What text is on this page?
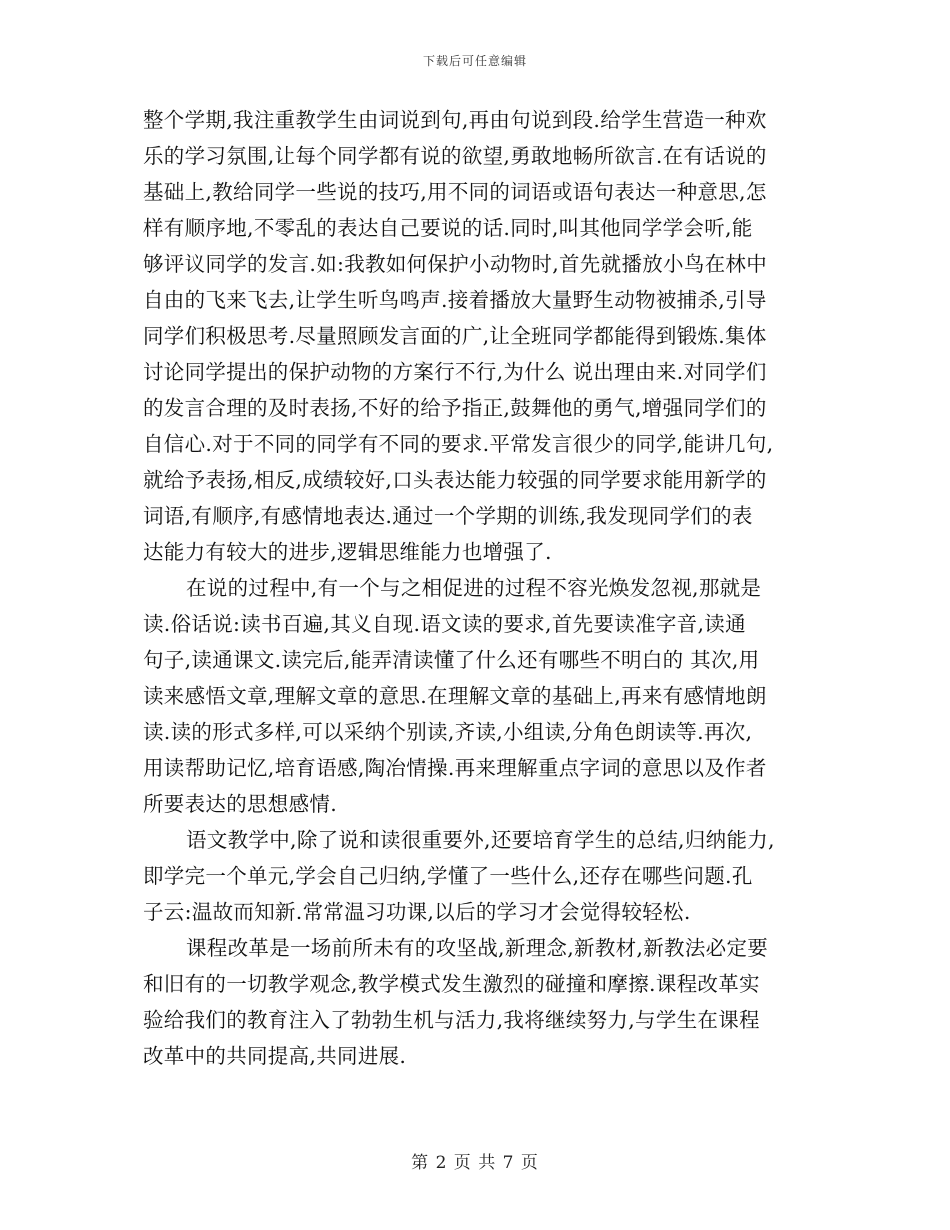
下载后可任意编辑
整个学期,我注重教学生由词说到句,再由句说到段.给学生营造一种欢
乐的学习氛围,让每个同学都有说的欲望,勇敢地畅所欲言.在有话说的
基础上,教给同学一些说的技巧,用不同的词语或语句表达一种意思,怎
样有顺序地,不零乱的表达自己要说的话.同时,叫其他同学学会听,能
够评议同学的发言.如:我教如何保护小动物时,首先就播放小鸟在林中
自由的飞来飞去,让学生听鸟鸣声.接着播放大量野生动物被捕杀,引导
同学们积极思考.尽量照顾发言面的广,让全班同学都能得到锻炼.集体
讨论同学提出的保护动物的方案行不行,为什么 说出理由来.对同学们
的发言合理的及时表扬,不好的给予指正,鼓舞他的勇气,增强同学们的
自信心.对于不同的同学有不同的要求.平常发言很少的同学,能讲几句,
就给予表扬,相反,成绩较好,口头表达能力较强的同学要求能用新学的
词语,有顺序,有感情地表达.通过一个学期的训练,我发现同学们的表
达能力有较大的进步,逻辑思维能力也增强了.
在说的过程中,有一个与之相促进的过程不容光焕发忽视,那就是
读.俗话说:读书百遍,其义自现.语文读的要求,首先要读准字音,读通
句子,读通课文.读完后,能弄清读懂了什么还有哪些不明白的 其次,用
读来感悟文章,理解文章的意思.在理解文章的基础上,再来有感情地朗
读.读的形式多样,可以采纳个别读,齐读,小组读,分角色朗读等.再次,
用读帮助记忆,培育语感,陶冶情操.再来理解重点字词的意思以及作者
所要表达的思想感情.
语文教学中,除了说和读很重要外,还要培育学生的总结,归纳能力,
即学完一个单元,学会自己归纳,学懂了一些什么,还存在哪些问题.孔
子云:温故而知新.常常温习功课,以后的学习才会觉得较轻松.
课程改革是一场前所未有的攻坚战,新理念,新教材,新教法必定要
和旧有的一切教学观念,教学模式发生激烈的碰撞和摩擦.课程改革实
验给我们的教育注入了勃勃生机与活力,我将继续努力,与学生在课程
改革中的共同提高,共同进展.
第 2 页 共 7 页
